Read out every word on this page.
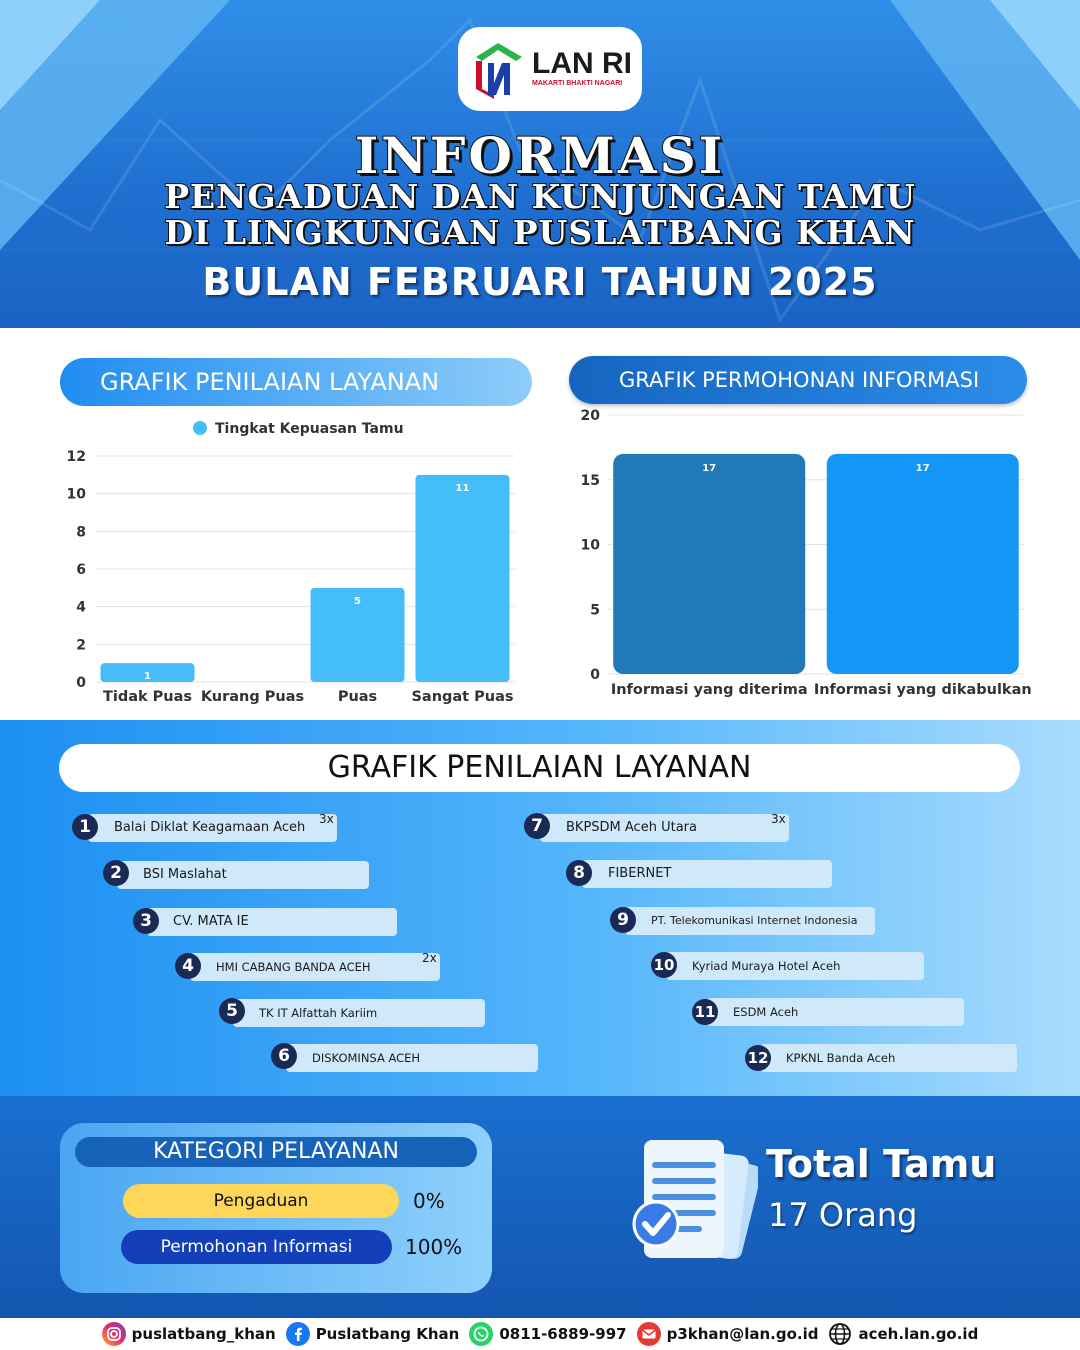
LAN RI
MAKARTI BHAKTI NAGARI
INFORMASI
PENGADUAN DAN KUNJUNGAN TAMU
DI LINGKUNGAN PUSLATBANG KHAN
BULAN FEBRUARI TAHUN 2025
GRAFIK PENILAIAN LAYANAN
Tingkat Kepuasan Tamu
0
2
4
6
8
10
12
1
Tidak Puas Kurang Puas
5
Puas
11
Sangat Puas
GRAFIK PERMOHONAN INFORMASI
0
5
10
15
20
17
Informasi yang diterima
17
Informasi yang dikabulkan
GRAFIK PENILAIAN LAYANAN
Balai Diklat Keagamaan Aceh
3x
1
BSI Maslahat
2
CV. MATA IE
3
HMI CABANG BANDA ACEH
2x
4
TK IT Alfattah Kariim
5
DISKOMINSA ACEH
6
BKPSDM Aceh Utara
3x
7
FIBERNET
8
PT. Telekomunikasi Internet Indonesia
9
Kyriad Muraya Hotel Aceh
10
ESDM Aceh
11
KPKNL Banda Aceh
12
KATEGORI PELAYANAN
Pengaduan	0%
Permohonan Informasi	100%
Total Tamu
17 Orang
puslatbang_khan	Puslatbang Khan	0811-6889-997	p3khan@lan.go.id	aceh.lan.go.id
